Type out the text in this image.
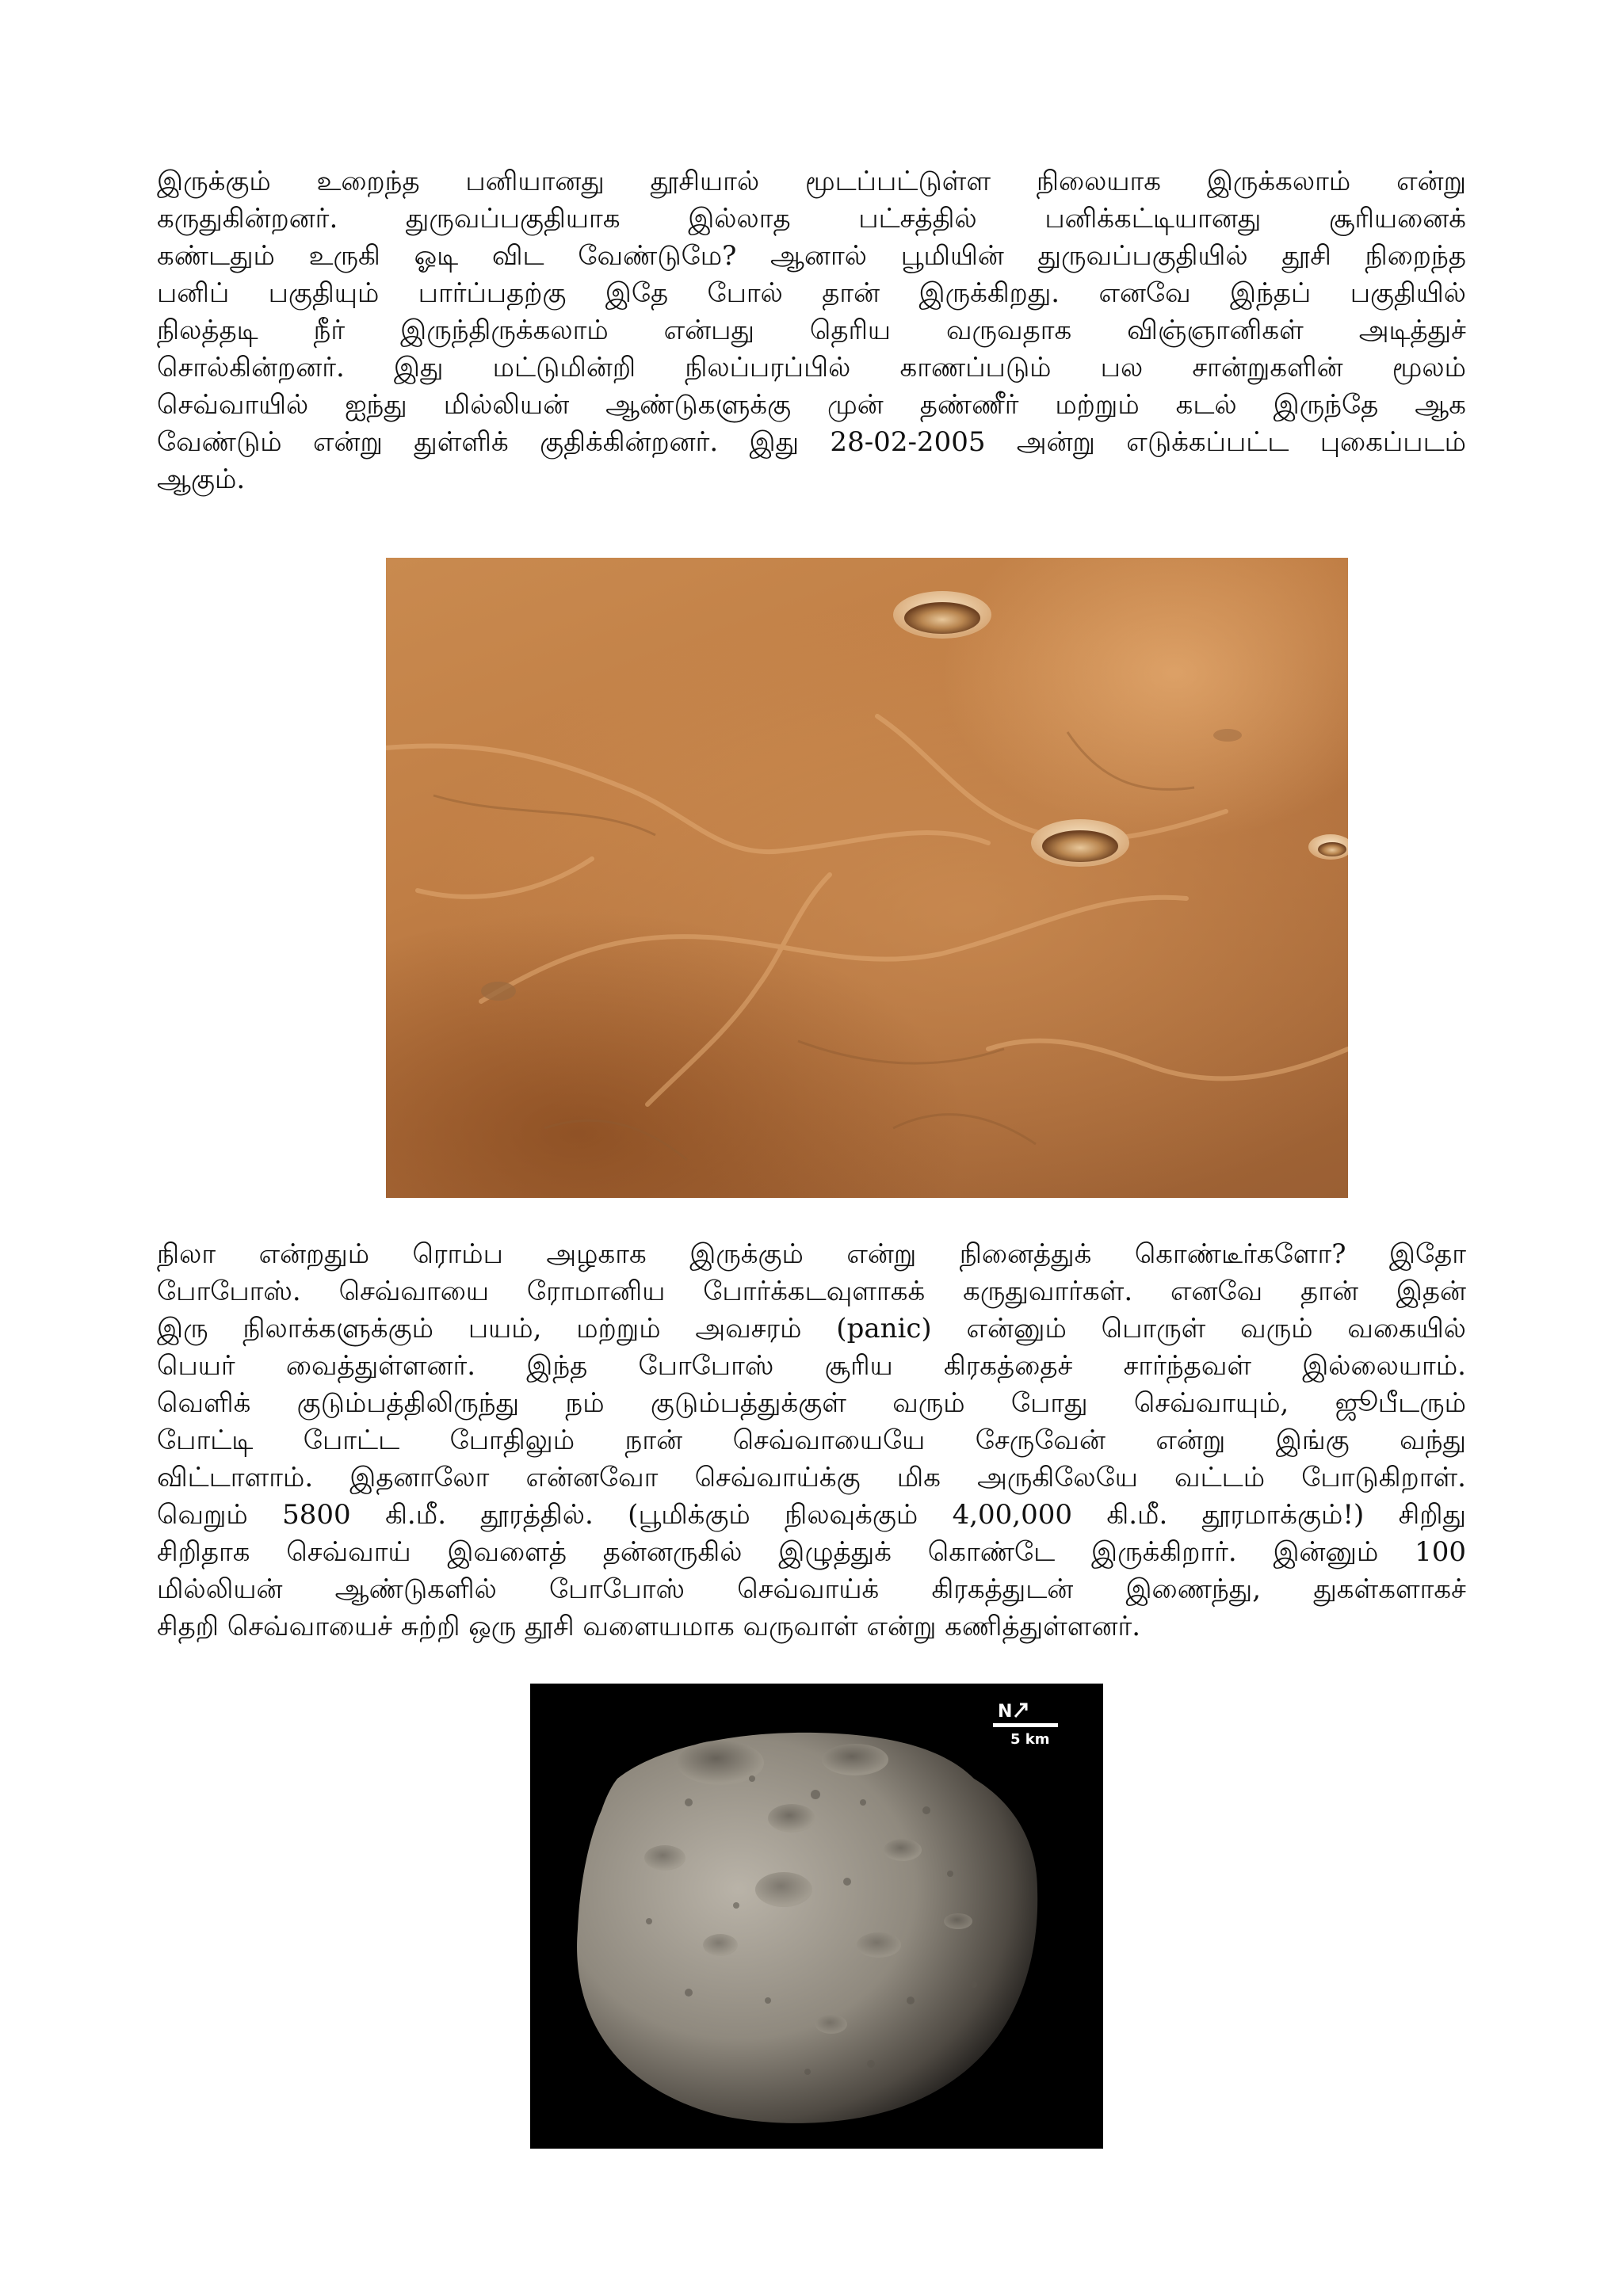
இருக்கும் உறைந்த பனியானது தூசியால் மூடப்பட்டுள்ள நிலையாக இருக்கலாம் என்று
கருதுகின்றனர். துருவப்பகுதியாக இல்லாத பட்சத்தில் பனிக்கட்டியானது சூரியனைக்
கண்டதும் உருகி ஓடி விட வேண்டுமே? ஆனால் பூமியின் துருவப்பகுதியில் தூசி நிறைந்த
பனிப் பகுதியும் பார்ப்பதற்கு இதே போல் தான் இருக்கிறது. எனவே இந்தப் பகுதியில்
நிலத்தடி நீர் இருந்திருக்கலாம் என்பது தெரிய வருவதாக விஞ்ஞானிகள் அடித்துச்
சொல்கின்றனர். இது மட்டுமின்றி நிலப்பரப்பில் காணப்படும் பல சான்றுகளின் மூலம்
செவ்வாயில் ஐந்து மில்லியன் ஆண்டுகளுக்கு முன் தண்ணீர் மற்றும் கடல் இருந்தே ஆக
வேண்டும் என்று துள்ளிக் குதிக்கின்றனர். இது 28-02-2005 அன்று எடுக்கப்பட்ட புகைப்படம்
ஆகும்.
நிலா என்றதும் ரொம்ப அழகாக இருக்கும் என்று நினைத்துக் கொண்டீர்களோ? இதோ
போபோஸ். செவ்வாயை ரோமானிய போர்க்கடவுளாகக் கருதுவார்கள். எனவே தான் இதன்
இரு நிலாக்களுக்கும் பயம், மற்றும் அவசரம் (panic) என்னும் பொருள் வரும் வகையில்
பெயர் வைத்துள்ளனர். இந்த போபோஸ் சூரிய கிரகத்தைச் சார்ந்தவள் இல்லையாம்.
வெளிக் குடும்பத்திலிருந்து நம் குடும்பத்துக்குள் வரும் போது செவ்வாயும், ஜூபீடரும்
போட்டி போட்ட போதிலும் நான் செவ்வாயையே சேருவேன் என்று இங்கு வந்து
விட்டாளாம். இதனாலோ என்னவோ செவ்வாய்க்கு மிக அருகிலேயே வட்டம் போடுகிறாள்.
வெறும் 5800 கி.மீ. தூரத்தில். (பூமிக்கும் நிலவுக்கும் 4,00,000 கி.மீ. தூரமாக்கும்!) சிறிது
சிறிதாக செவ்வாய் இவளைத் தன்னருகில் இழுத்துக் கொண்டே இருக்கிறார். இன்னும் 100
மில்லியன் ஆண்டுகளில் போபோஸ் செவ்வாய்க் கிரகத்துடன் இணைந்து, துகள்களாகச்
சிதறி செவ்வாயைச் சுற்றி ஒரு தூசி வளையமாக வருவாள் என்று கணித்துள்ளனர்.
N
5 km
